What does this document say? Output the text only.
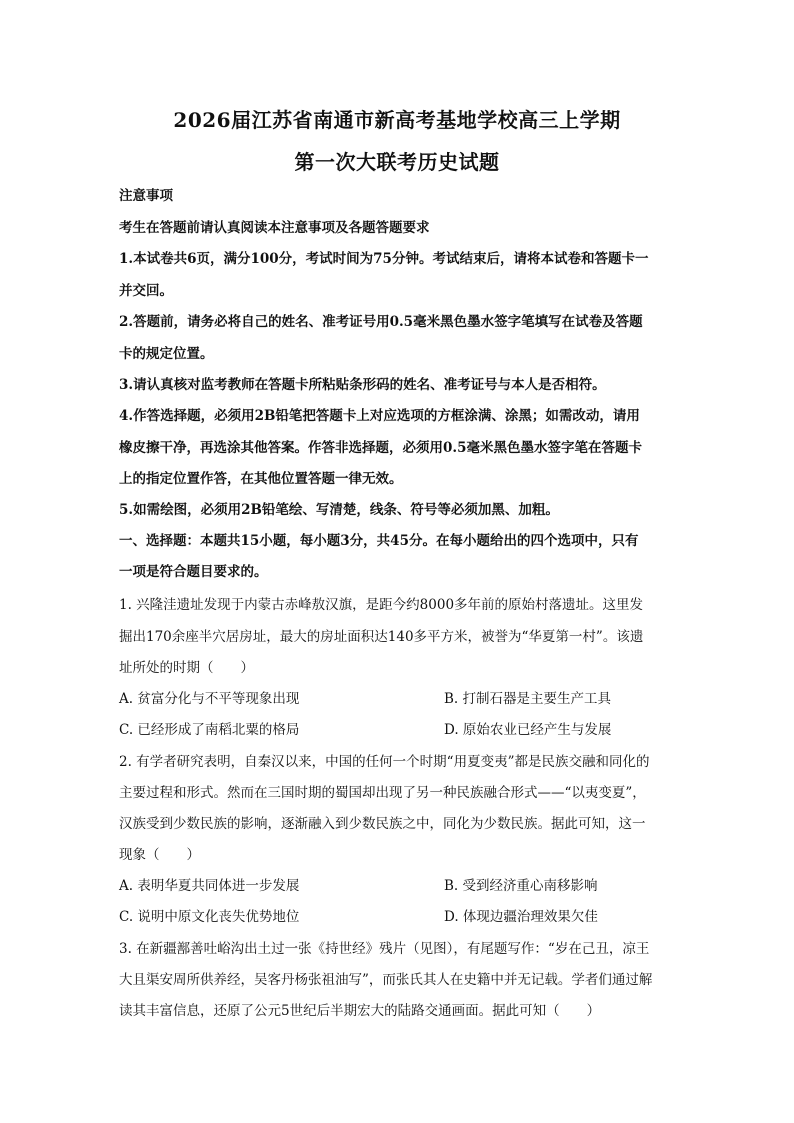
2026届江苏省南通市新高考基地学校高三上学期
第一次大联考历史试题
注意事项
考生在答题前请认真阅读本注意事项及各题答题要求
1.本试卷共6页，满分100分，考试时间为75分钟。考试结束后，请将本试卷和答题卡一
并交回。
2.答题前，请务必将自己的姓名、准考证号用0.5毫米黑色墨水签字笔填写在试卷及答题
卡的规定位置。
3.请认真核对监考教师在答题卡所粘贴条形码的姓名、准考证号与本人是否相符。
4.作答选择题，必须用2B铅笔把答题卡上对应选项的方框涂满、涂黑；如需改动，请用
橡皮擦干净，再选涂其他答案。作答非选择题，必须用0.5毫米黑色墨水签字笔在答题卡
上的指定位置作答，在其他位置答题一律无效。
5.如需绘图，必须用2B铅笔绘、写清楚，线条、符号等必须加黑、加粗。
一、选择题：本题共15小题，每小题3分，共45分。在每小题给出的四个选项中，只有
一项是符合题目要求的。
1. 兴隆洼遗址发现于内蒙古赤峰敖汉旗，是距今约8000多年前的原始村落遗址。这里发
掘出170余座半穴居房址，最大的房址面积达140多平方米，被誉为“华夏第一村”。该遗
址所处的时期（　　）
A. 贫富分化与不平等现象出现	B. 打制石器是主要生产工具
C. 已经形成了南稻北粟的格局	D. 原始农业已经产生与发展
2. 有学者研究表明，自秦汉以来，中国的任何一个时期“用夏变夷”都是民族交融和同化的
主要过程和形式。然而在三国时期的蜀国却出现了另一种民族融合形式——“以夷变夏”，
汉族受到少数民族的影响，逐渐融入到少数民族之中，同化为少数民族。据此可知，这一
现象（　　）
A. 表明华夏共同体进一步发展	B. 受到经济重心南移影响
C. 说明中原文化丧失优势地位	D. 体现边疆治理效果欠佳
3. 在新疆鄯善吐峪沟出土过一张《持世经》残片（见图），有尾题写作：“岁在己丑，凉王
大且渠安周所供养经，吴客丹杨张祖油写”，而张氏其人在史籍中并无记载。学者们通过解
读其丰富信息，还原了公元5世纪后半期宏大的陆路交通画面。据此可知（　　）
